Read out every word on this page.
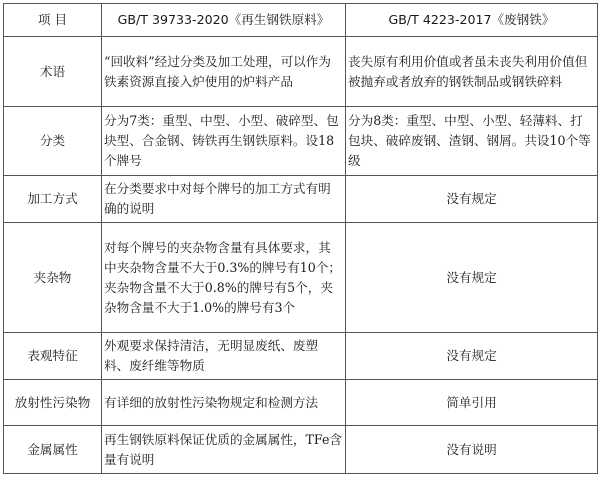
项 目	GB/T 39733-2020《再生钢铁原料》	GB/T 4223-2017《废钢铁》
术语	“回收料”经过分类及加工处理，可以作为铁素资源直接入炉使用的炉料产品	丧失原有利用价值或者虽未丧失利用价值但被抛弃或者放弃的钢铁制品或钢铁碎料
分类	分为7类：重型、中型、小型、破碎型、包块型、合金钢、铸铁再生钢铁原料。设18个牌号	分为8类：重型、中型、小型、轻薄料、打包块、破碎废钢、渣钢、钢屑。共设10个等级
加工方式	在分类要求中对每个牌号的加工方式有明确的说明	没有规定
夹杂物	对每个牌号的夹杂物含量有具体要求，其中夹杂物含量不大于0.3%的牌号有10个；夹杂物含量不大于0.8%的牌号有5个，夹杂物含量不大于1.0%的牌号有3个	没有规定
表观特征	外观要求保持清洁，无明显废纸、废塑料、废纤维等物质	没有规定
放射性污染物	有详细的放射性污染物规定和检测方法	简单引用
金属属性	再生钢铁原料保证优质的金属属性，TFe含量有说明	没有说明
